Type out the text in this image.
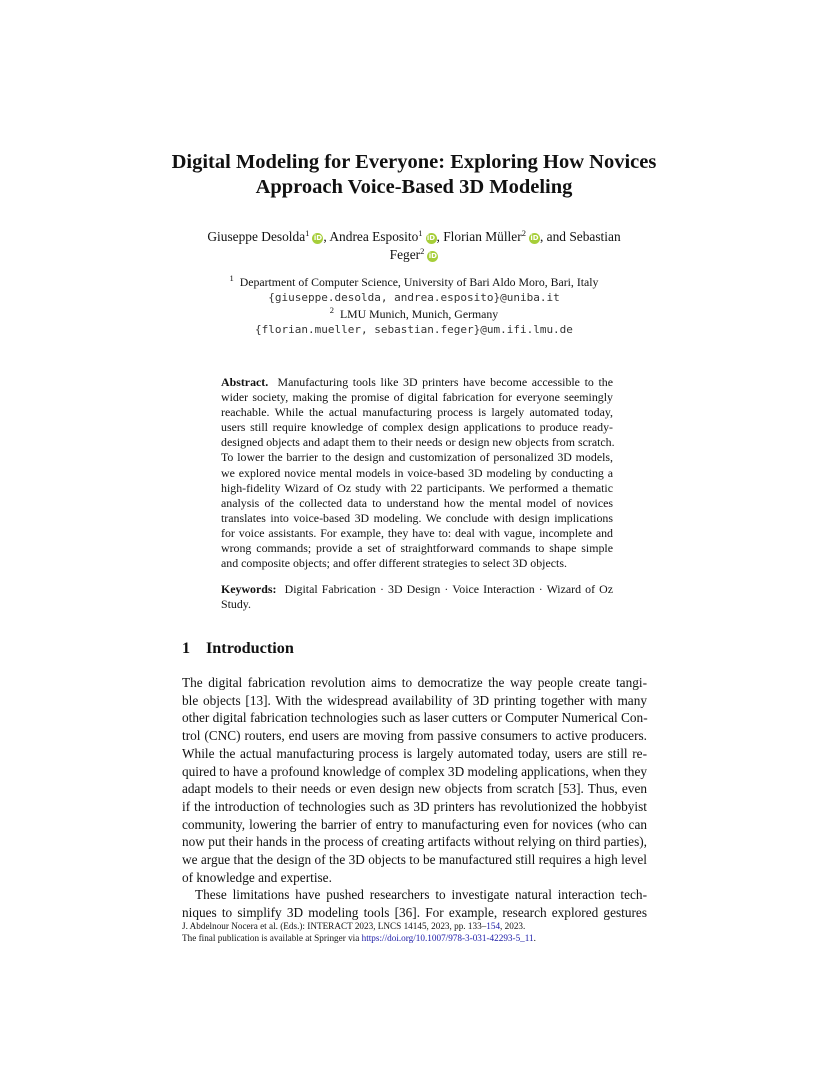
Digital Modeling for Everyone: Exploring How Novices
Approach Voice-Based 3D Modeling
Giuseppe Desolda$^1$ iD, Andrea Esposito$^1$ iD, Florian Müller$^2$ iD, and Sebastian
Feger$^2$ iD
$^1$ Department of Computer Science, University of Bari Aldo Moro, Bari, Italy
{giuseppe.desolda, andrea.esposito}@uniba.it
$^2$ LMU Munich, Munich, Germany
{florian.mueller, sebastian.feger}@um.ifi.lmu.de
Abstract. Manufacturing tools like 3D printers have become accessible to the
wider society, making the promise of digital fabrication for everyone seemingly
reachable. While the actual manufacturing process is largely automated today,
users still require knowledge of complex design applications to produce ready-
designed objects and adapt them to their needs or design new objects from scratch.
To lower the barrier to the design and customization of personalized 3D models,
we explored novice mental models in voice-based 3D modeling by conducting a
high-fidelity Wizard of Oz study with 22 participants. We performed a thematic
analysis of the collected data to understand how the mental model of novices
translates into voice-based 3D modeling. We conclude with design implications
for voice assistants. For example, they have to: deal with vague, incomplete and
wrong commands; provide a set of straightforward commands to shape simple
and composite objects; and offer different strategies to select 3D objects.
Keywords: Digital Fabrication · 3D Design · Voice Interaction · Wizard of Oz
Study.
1 Introduction
The digital fabrication revolution aims to democratize the way people create tangi-
ble objects [13]. With the widespread availability of 3D printing together with many
other digital fabrication technologies such as laser cutters or Computer Numerical Con-
trol (CNC) routers, end users are moving from passive consumers to active producers.
While the actual manufacturing process is largely automated today, users are still re-
quired to have a profound knowledge of complex 3D modeling applications, when they
adapt models to their needs or even design new objects from scratch [53]. Thus, even
if the introduction of technologies such as 3D printers has revolutionized the hobbyist
community, lowering the barrier of entry to manufacturing even for novices (who can
now put their hands in the process of creating artifacts without relying on third parties),
we argue that the design of the 3D objects to be manufactured still requires a high level
of knowledge and expertise.
These limitations have pushed researchers to investigate natural interaction tech-
niques to simplify 3D modeling tools [36]. For example, research explored gestures
J. Abdelnour Nocera et al. (Eds.): INTERACT 2023, LNCS 14145, 2023, pp. 133–154, 2023.
The final publication is available at Springer via https://doi.org/10.1007/978-3-031-42293-5_11.
